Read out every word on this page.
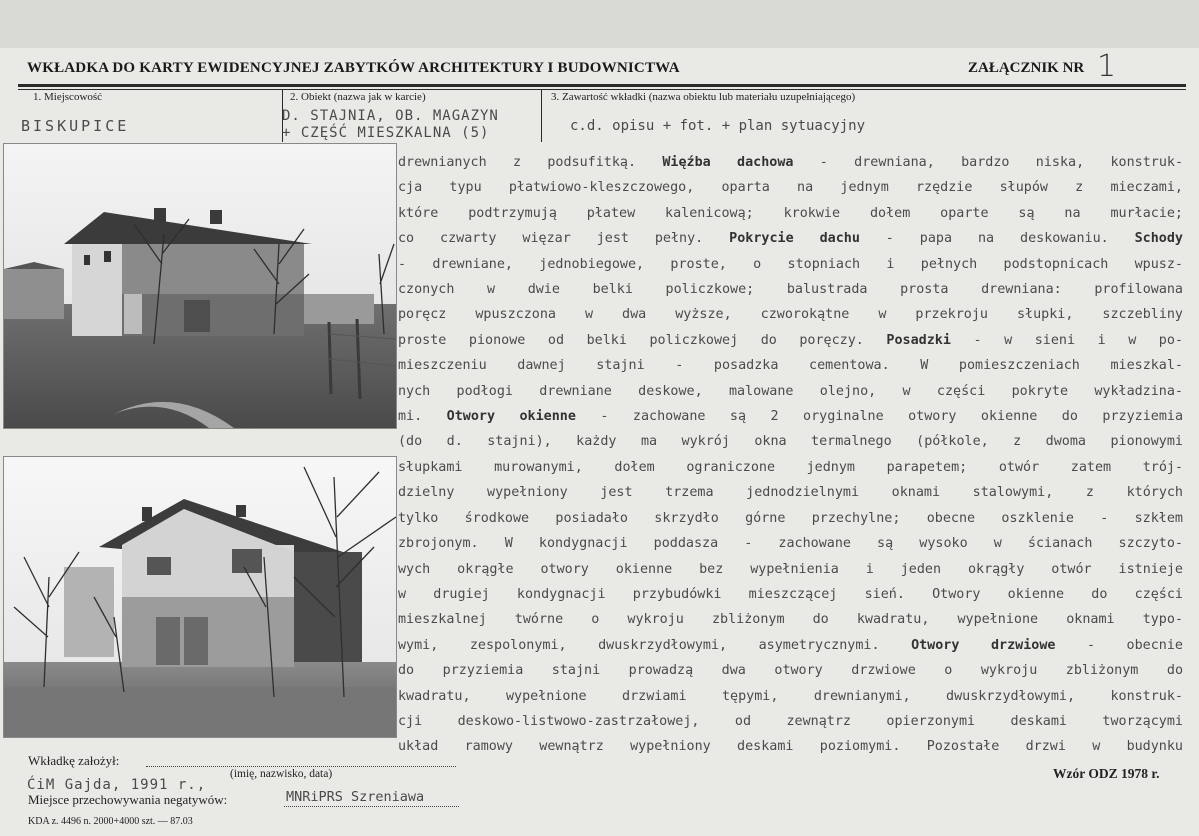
WKŁADKA DO KARTY EWIDENCYJNEJ ZABYTKÓW ARCHITEKTURY I BUDOWNICTWA	ZAŁĄCZNIK NR 1
1. Miejscowość	2. Obiekt (nazwa jak w karcie)	3. Zawartość wkładki (nazwa obiektu lub materiału uzupełniającego)
BISKUPICE
D. STAJNIA, OB. MAGAZYN
+ CZĘŚĆ MIESZKALNA (5)	c.d. opisu + fot. + plan sytuacyjny
drewnianych z podsufitką. Więźba dachowa - drewniana, bardzo niska, konstruk-
cja typu płatwiowo-kleszczowego, oparta na jednym rzędzie słupów z mieczami,
które podtrzymują płatew kalenicową; krokwie dołem oparte są na murłacie;
co czwarty więzar jest pełny. Pokrycie dachu - papa na deskowaniu. Schody
- drewniane, jednobiegowe, proste, o stopniach i pełnych podstopnicach wpusz-
czonych w dwie belki policzkowe; balustrada prosta drewniana: profilowana
poręcz wpuszczona w dwa wyższe, czworokątne w przekroju słupki, szczebliny
proste pionowe od belki policzkowej do poręczy. Posadzki - w sieni i w po-
mieszczeniu dawnej stajni - posadzka cementowa. W pomieszczeniach mieszkal-
nych podłogi drewniane deskowe, malowane olejno, w części pokryte wykładzina-
mi. Otwory okienne - zachowane są 2 oryginalne otwory okienne do przyziemia
(do d. stajni), każdy ma wykrój okna termalnego (półkole, z dwoma pionowymi
słupkami murowanymi, dołem ograniczone jednym parapetem; otwór zatem trój-
dzielny wypełniony jest trzema jednodzielnymi oknami stalowymi, z których
tylko środkowe posiadało skrzydło górne przechylne; obecne oszklenie - szkłem
zbrojonym. W kondygnacji poddasza - zachowane są wysoko w ścianach szczyto-
wych okrągłe otwory okienne bez wypełnienia i jeden okrągły otwór istnieje
w drugiej kondygnacji przybudówki mieszczącej sień. Otwory okienne do części
mieszkalnej twórne o wykroju zbliżonym do kwadratu, wypełnione oknami typo-
wymi, zespolonymi, dwuskrzydłowymi, asymetrycznymi. Otwory drzwiowe - obecnie
do przyziemia stajni prowadzą dwa otwory drzwiowe o wykroju zbliżonym do
kwadratu, wypełnione drzwiami tępymi, drewnianymi, dwuskrzydłowymi, konstruk-
cji deskowo-listwowo-zastrzałowej, od zewnątrz opierzonymi deskami tworzącymi
układ ramowy wewnątrz wypełniony deskami poziomymi. Pozostałe drzwi w budynku
Wkładkę założył:
(imię, nazwisko, data)
ĆiM Gajda, 1991 r.,
Miejsce przechowywania negatywów:	MNRiPRS Szreniawa
Wzór ODZ 1978 r.
KDA z. 4496 n. 2000+4000 szt. — 87.03
